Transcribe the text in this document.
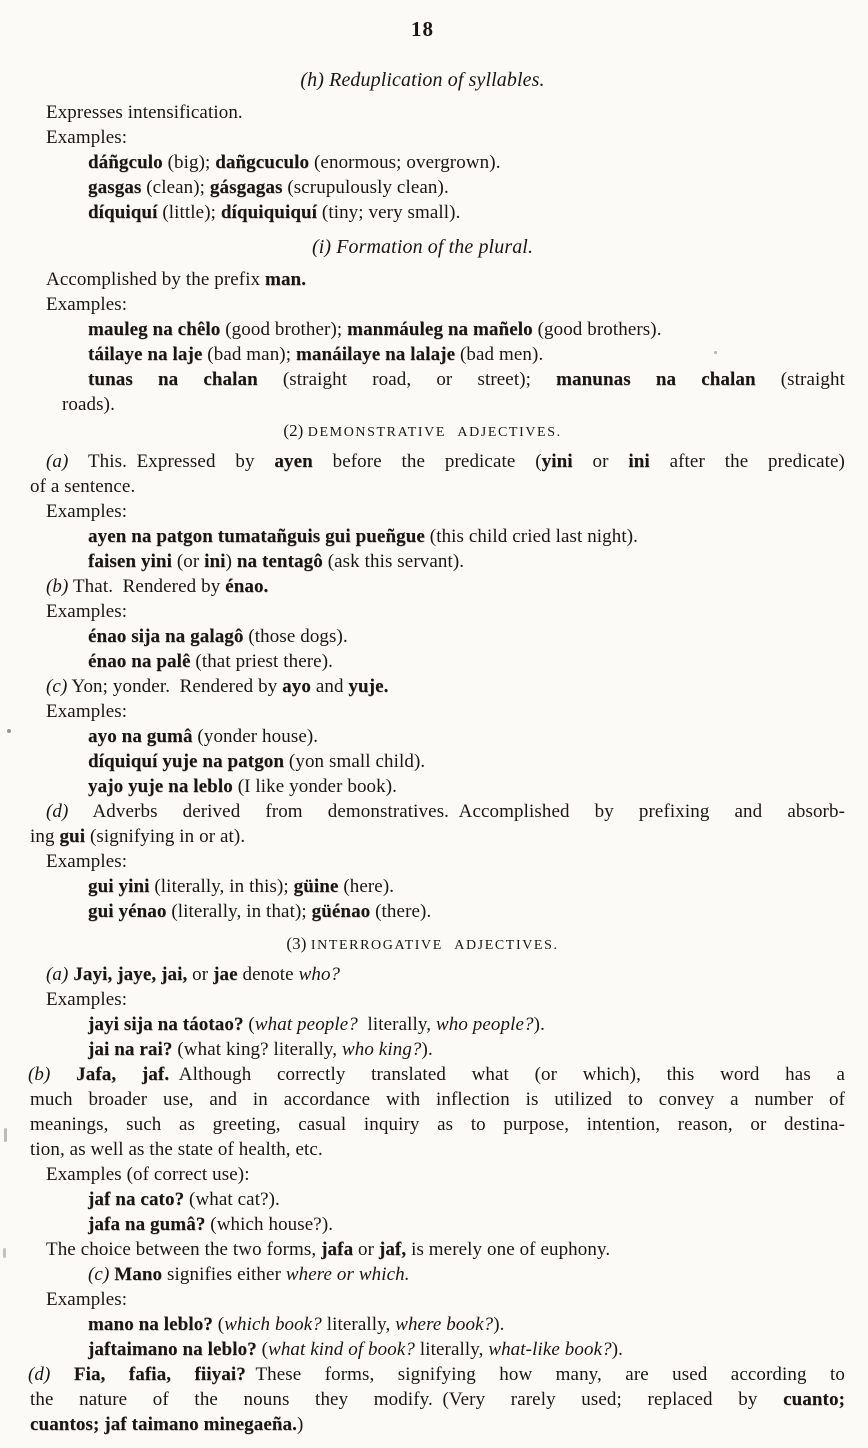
18
(h) Reduplication of syllables.
Expresses intensification.
Examples:
dáñgculo (big); dañgcuculo (enormous; overgrown).
gasgas (clean); gásgagas (scrupulously clean).
díquiquí (little); díquiquiquí (tiny; very small).
(i) Formation of the plural.
Accomplished by the prefix man.
Examples:
mauleg na chêlo (good brother); manmáuleg na mañelo (good brothers).
táilaye na laje (bad man); manáilaye na lalaje (bad men).
tunas na chalan (straight road, or street); manunas na chalan (straight
roads).
(2) DEMONSTRATIVE ADJECTIVES.
(a) This. Expressed by ayen before the predicate (yini or ini after the predicate)
of a sentence.
Examples:
ayen na patgon tumatañguis gui pueñgue (this child cried last night).
faisen yini (or ini) na tentagô (ask this servant).
(b) That. Rendered by énao.
Examples:
énao sija na galagô (those dogs).
énao na palê (that priest there).
(c) Yon; yonder. Rendered by ayo and yuje.
Examples:
ayo na gumâ (yonder house).
díquiquí yuje na patgon (yon small child).
yajo yuje na leblo (I like yonder book).
(d) Adverbs derived from demonstratives. Accomplished by prefixing and absorb-
ing gui (signifying in or at).
Examples:
gui yini (literally, in this); güine (here).
gui yénao (literally, in that); güénao (there).
(3) INTERROGATIVE ADJECTIVES.
(a) Jayi, jaye, jai, or jae denote who?
Examples:
jayi sija na táotao? (what people? literally, who people?).
jai na rai? (what king? literally, who king?).
(b) Jafa, jaf. Although correctly translated what (or which), this word has a
much broader use, and in accordance with inflection is utilized to convey a number of
meanings, such as greeting, casual inquiry as to purpose, intention, reason, or destina-
tion, as well as the state of health, etc.
Examples (of correct use):
jaf na cato? (what cat?).
jafa na gumâ? (which house?).
The choice between the two forms, jafa or jaf, is merely one of euphony.
(c) Mano signifies either where or which.
Examples:
mano na leblo? (which book? literally, where book?).
jaftaimano na leblo? (what kind of book? literally, what-like book?).
(d) Fia, fafia, fiiyai? These forms, signifying how many, are used according to
the nature of the nouns they modify. (Very rarely used; replaced by cuanto;
cuantos; jaf taimano minegaeña.)
